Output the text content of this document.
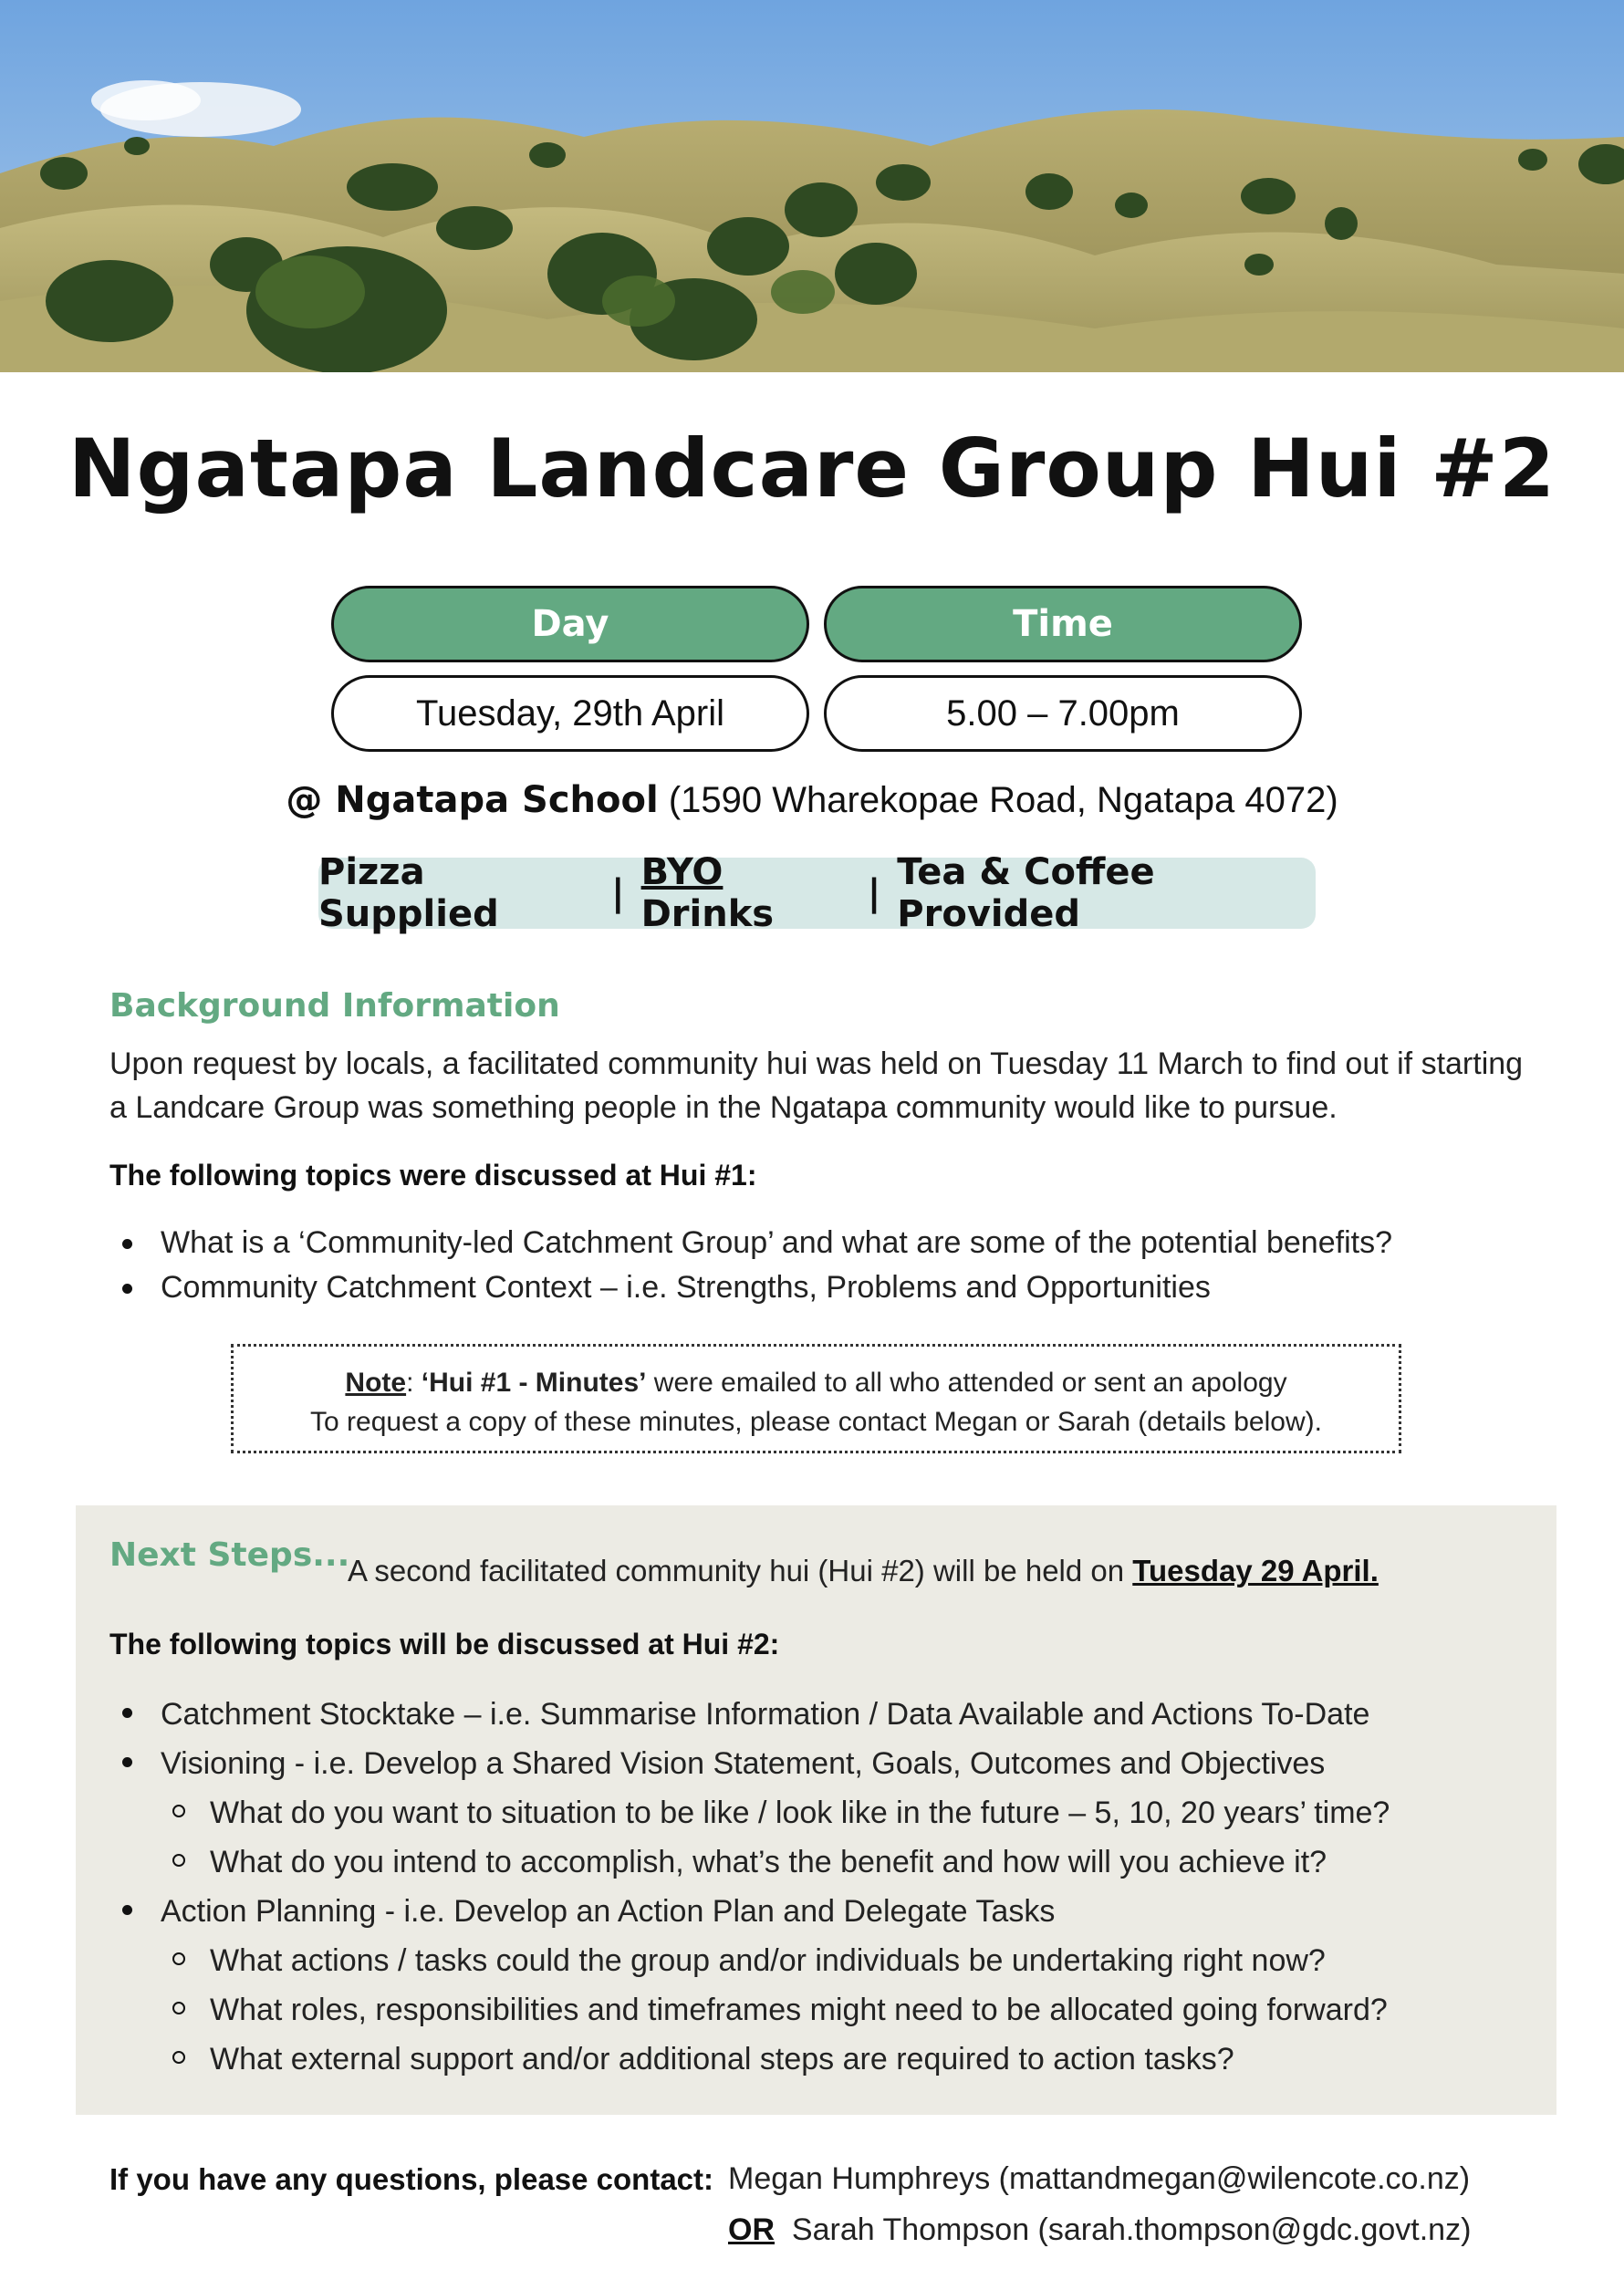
Ngatapa Landcare Group Hui #2
Day	Time
Tuesday, 29th April	5.00 – 7.00pm
@ Ngatapa School (1590 Wharekopae Road, Ngatapa 4072)
Pizza Supplied	| BYO Drinks	| Tea & Coffee Provided
Background Information
Upon request by locals, a facilitated community hui was held on Tuesday 11 March to find out if starting a Landcare Group was something people in the Ngatapa community would like to pursue.
The following topics were discussed at Hui #1:
What is a ‘Community-led Catchment Group’ and what are some of the potential benefits?
Community Catchment Context – i.e. Strengths, Problems and Opportunities
Note: ‘Hui #1 - Minutes’ were emailed to all who attended or sent an apology
To request a copy of these minutes, please contact Megan or Sarah (details below).
Next Steps...
A second facilitated community hui (Hui #2) will be held on Tuesday 29 April.
The following topics will be discussed at Hui #2:
Catchment Stocktake – i.e. Summarise Information / Data Available and Actions To-Date
Visioning - i.e. Develop a Shared Vision Statement, Goals, Outcomes and Objectives
What do you want to situation to be like / look like in the future – 5, 10, 20 years’ time?
What do you intend to accomplish, what’s the benefit and how will you achieve it?
Action Planning - i.e. Develop an Action Plan and Delegate Tasks
What actions / tasks could the group and/or individuals be undertaking right now?
What roles, responsibilities and timeframes might need to be allocated going forward?
What external support and/or additional steps are required to action tasks?
If you have any questions, please contact: Megan Humphreys (mattandmegan@wilencote.co.nz)
OR Sarah Thompson (sarah.thompson@gdc.govt.nz)
